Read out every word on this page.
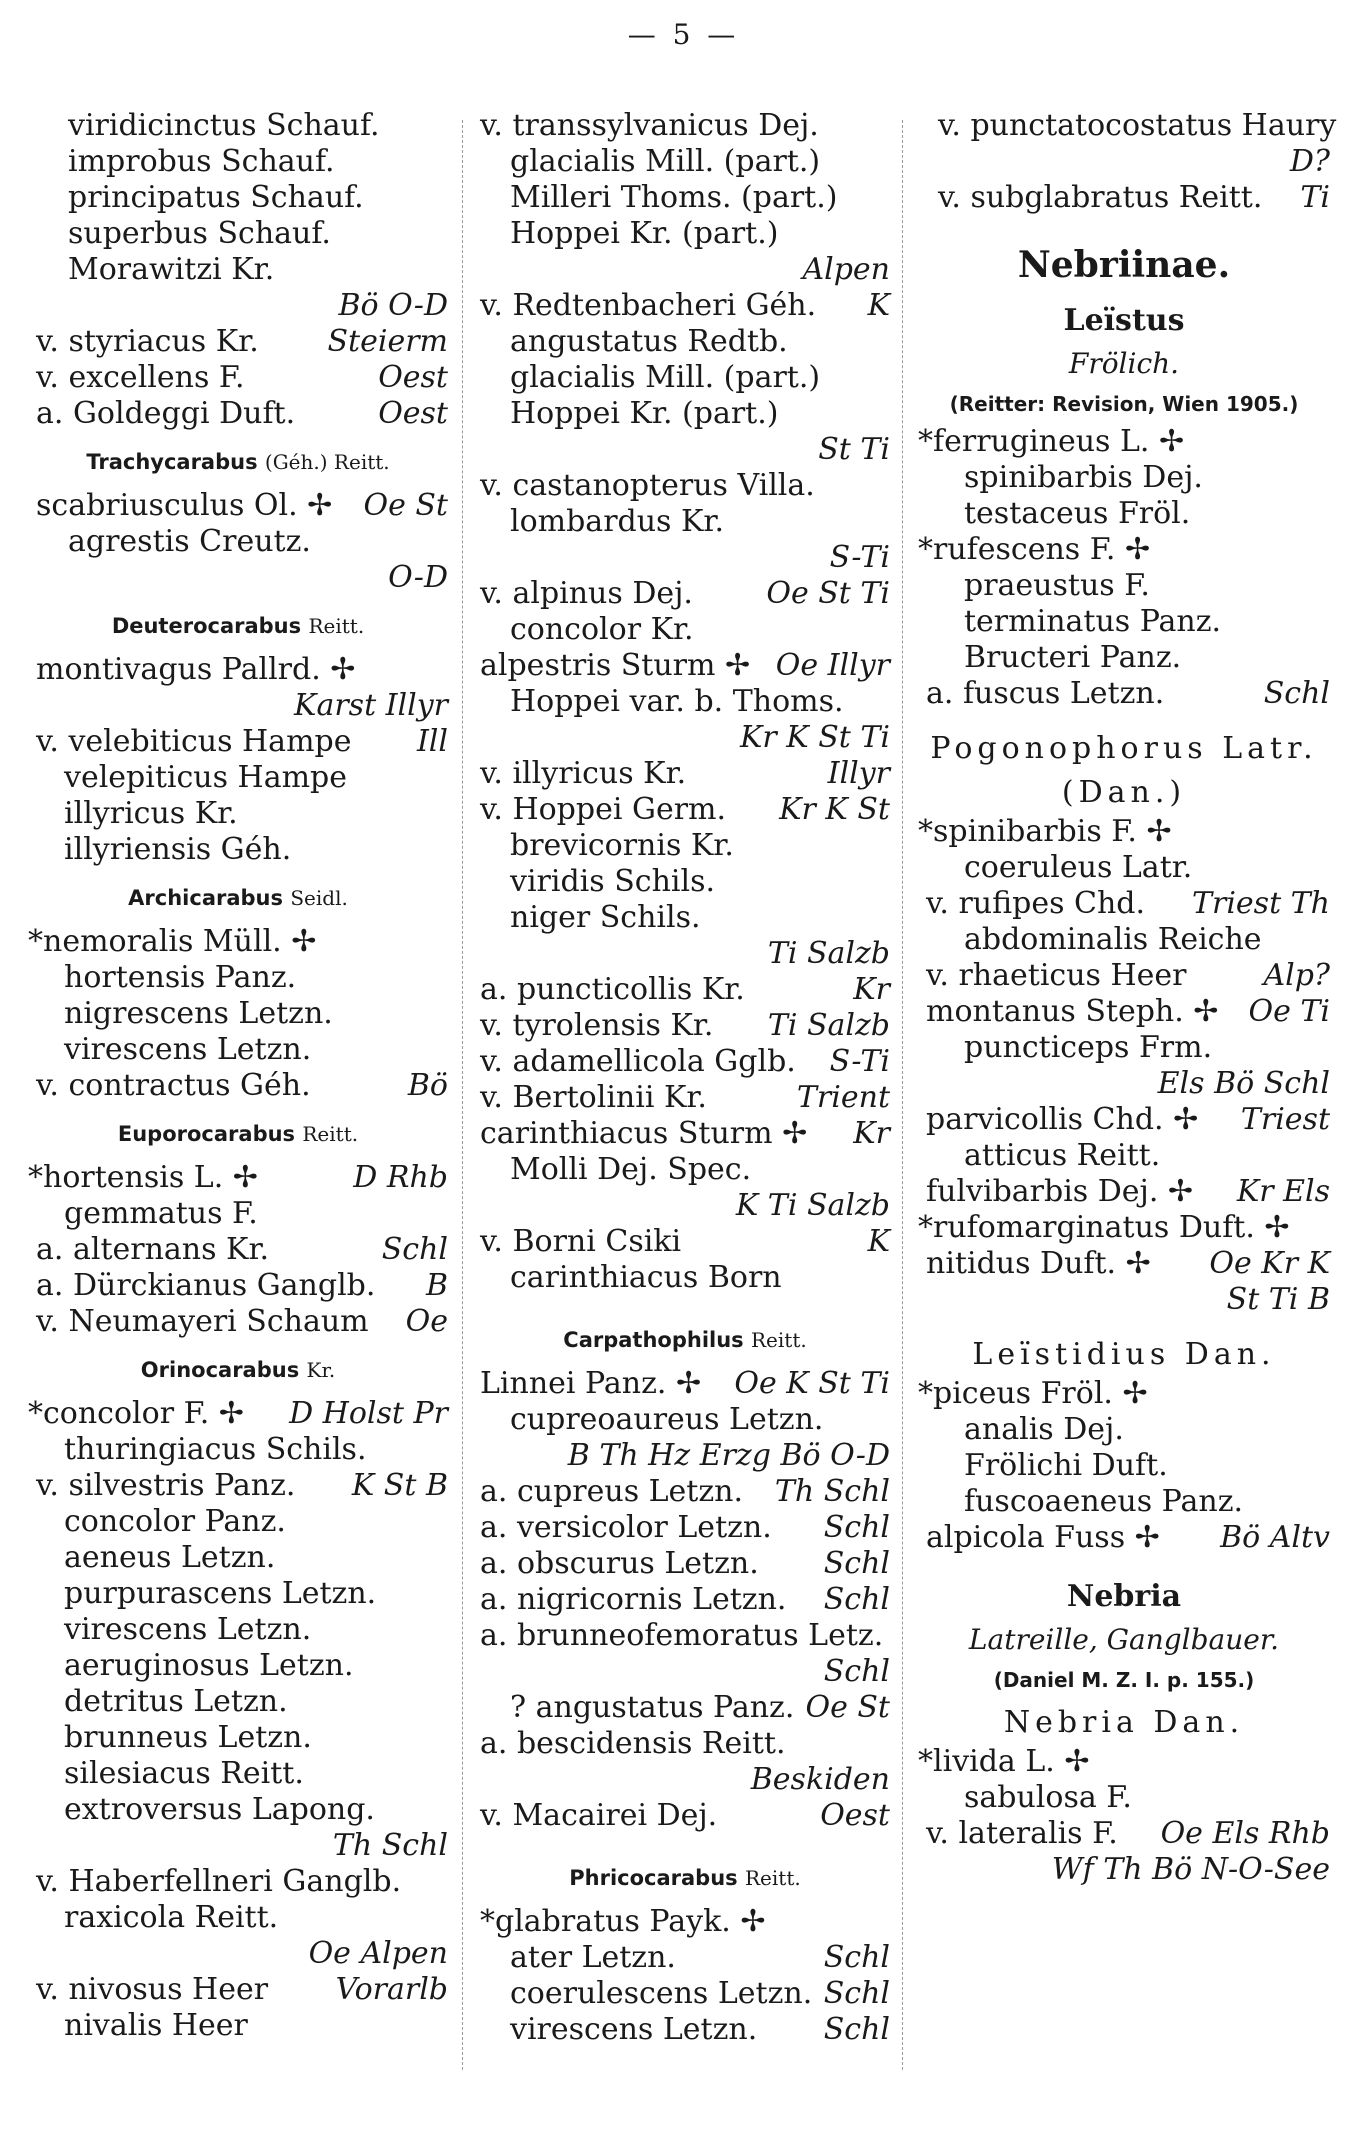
— 5 —
viridicinctus Schauf.
improbus Schauf.
principatus Schauf.
superbus Schauf.
Morawitzi Kr.
Bö O-D
v. styriacus Kr. Steierm
v. excellens F.	Oest
a. Goldeggi Duft.	Oest
Trachycarabus (Géh.) Reitt.
scabriusculus Ol. ✢ Oe St
agrestis Creutz.
O-D
Deuterocarabus Reitt.
montivagus Pallrd. ✢
Karst Illyr
v. velebiticus Hampe Ill
velepiticus Hampe
illyricus Kr.
illyriensis Géh.
Archicarabus Seidl.
*nemoralis Müll. ✢
hortensis Panz.
nigrescens Letzn.
virescens Letzn.
v. contractus Géh.	Bö
Euporocarabus Reitt.
*hortensis L. ✢	D Rhb
gemmatus F.
a. alternans Kr.	Schl
a. Dürckianus Ganglb. B
v. Neumayeri Schaum Oe
Orinocarabus Kr.
*concolor F. ✢ D Holst Pr
thuringiacus Schils.
v. silvestris Panz. K St B
concolor Panz.
aeneus Letzn.
purpurascens Letzn.
virescens Letzn.
aeruginosus Letzn.
detritus Letzn.
brunneus Letzn.
silesiacus Reitt.
extroversus Lapong.
Th Schl
v. Haberfellneri Ganglb.
raxicola Reitt.
Oe Alpen
v. nivosus Heer Vorarlb
nivalis Heer
v. transsylvanicus Dej.
glacialis Mill. (part.)
Milleri Thoms. (part.)
Hoppei Kr. (part.)
Alpen
v. Redtenbacheri Géh. K
angustatus Redtb.
glacialis Mill. (part.)
Hoppei Kr. (part.)
St Ti
v. castanopterus Villa.
lombardus Kr.
S-Ti
v. alpinus Dej. Oe St Ti
concolor Kr.
alpestris Sturm ✢ Oe Illyr
Hoppei var. b. Thoms.
Kr K St Ti
v. illyricus Kr.	Illyr
v. Hoppei Germ. Kr K St
brevicornis Kr.
viridis Schils.
niger Schils.
Ti Salzb
a. puncticollis Kr.	Kr
v. tyrolensis Kr. Ti Salzb
v. adamellicola Gglb. S-Ti
v. Bertolinii Kr.	Trient
carinthiacus Sturm ✢ Kr
Molli Dej. Spec.
K Ti Salzb
v. Borni Csiki	K
carinthiacus Born
Carpathophilus Reitt.
Linnei Panz. ✢ Oe K St Ti
cupreoaureus Letzn.
B Th Hz Erzg Bö O-D
a. cupreus Letzn. Th Schl
a. versicolor Letzn. Schl
a. obscurus Letzn. Schl
a. nigricornis Letzn. Schl
a. brunneofemoratus Letz.
Schl
? angustatus Panz. Oe St
a. bescidensis Reitt.
Beskiden
v. Macairei Dej.	Oest
Phricocarabus Reitt.
*glabratus Payk. ✢
ater Letzn.	Schl
coerulescens Letzn. Schl
virescens Letzn. Schl
v. punctatocostatus Haury
D?
v. subglabratus Reitt. Ti
Nebriinae.
Leïstus
Frölich.
(Reitter: Revision, Wien 1905.)
*ferrugineus L. ✢
spinibarbis Dej.
testaceus Fröl.
*rufescens F. ✢
praeustus F.
terminatus Panz.
Bructeri Panz.
a. fuscus Letzn.	Schl
Pogonophorus Latr.
(Dan.)
*spinibarbis F. ✢
coeruleus Latr.
v. rufipes Chd. Triest Th
abdominalis Reiche
v. rhaeticus Heer	Alp?
montanus Steph. ✢ Oe Ti
puncticeps Frm.
Els Bö Schl
parvicollis Chd. ✢ Triest
atticus Reitt.
fulvibarbis Dej. ✢ Kr Els
*rufomarginatus Duft. ✢
nitidus Duft. ✢ Oe Kr K
St Ti B
Leïstidius Dan.
*piceus Fröl. ✢
analis Dej.
Frölichi Duft.
fuscoaeneus Panz.
alpicola Fuss ✢ Bö Altv
Nebria
Latreille, Ganglbauer.
(Daniel M. Z. I. p. 155.)
Nebria Dan.
*livida L. ✢
sabulosa F.
v. lateralis F. Oe Els Rhb
Wf Th Bö N-O-See
